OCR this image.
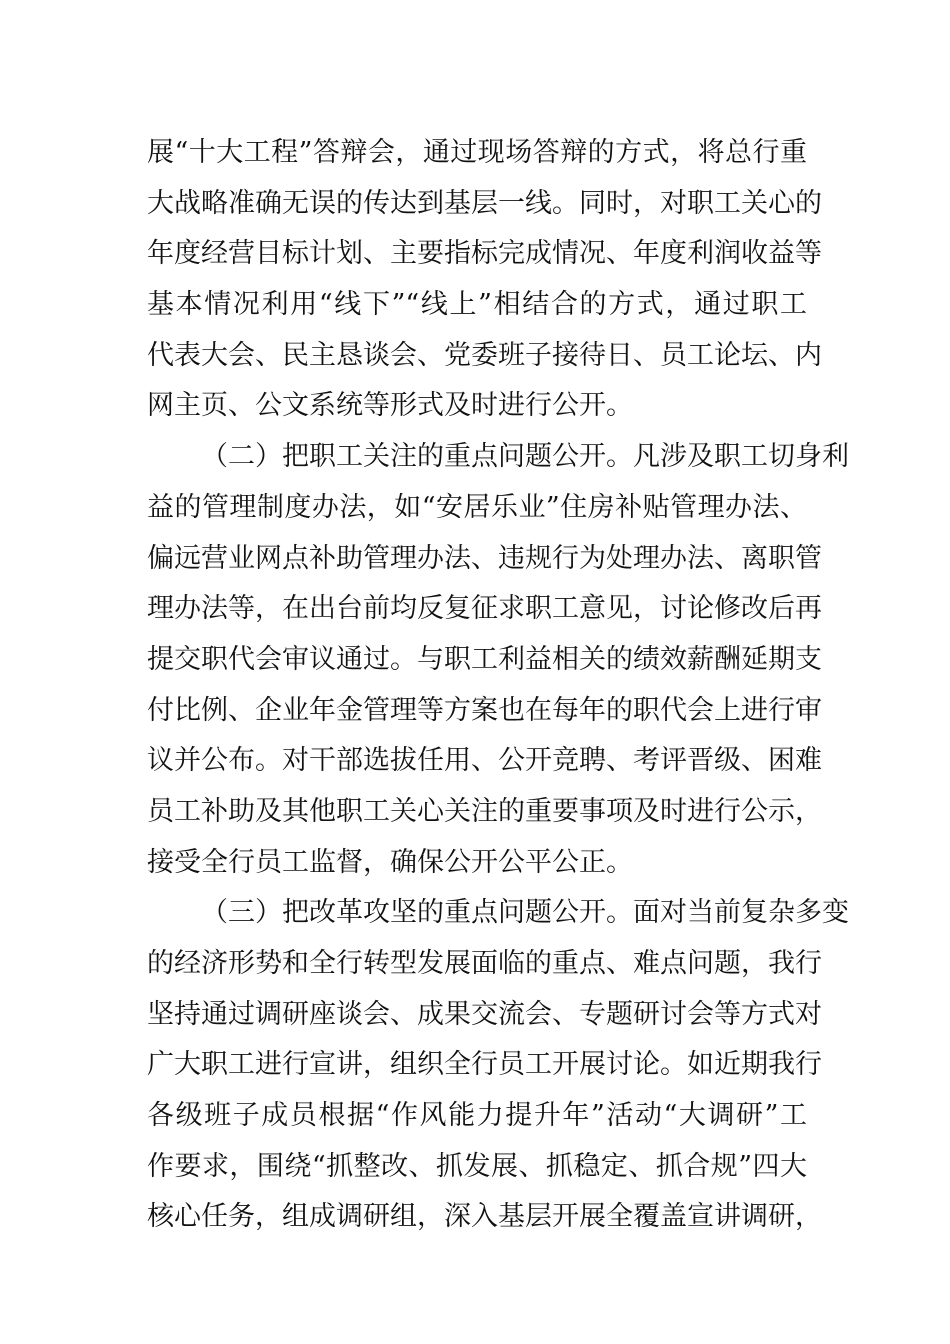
展“十大工程”答辩会，通过现场答辩的方式，将总行重
大战略准确无误的传达到基层一线。同时，对职工关心的
年度经营目标计划、主要指标完成情况、年度利润收益等
基本情况利用“线下”“线上”相结合的方式，通过职工
代表大会、民主恳谈会、党委班子接待日、员工论坛、内
网主页、公文系统等形式及时进行公开。
（二）把职工关注的重点问题公开。凡涉及职工切身利
益的管理制度办法，如“安居乐业”住房补贴管理办法、
偏远营业网点补助管理办法、违规行为处理办法、离职管
理办法等，在出台前均反复征求职工意见，讨论修改后再
提交职代会审议通过。与职工利益相关的绩效薪酬延期支
付比例、企业年金管理等方案也在每年的职代会上进行审
议并公布。对干部选拔任用、公开竞聘、考评晋级、困难
员工补助及其他职工关心关注的重要事项及时进行公示，
接受全行员工监督，确保公开公平公正。
（三）把改革攻坚的重点问题公开。面对当前复杂多变
的经济形势和全行转型发展面临的重点、难点问题，我行
坚持通过调研座谈会、成果交流会、专题研讨会等方式对
广大职工进行宣讲，组织全行员工开展讨论。如近期我行
各级班子成员根据“作风能力提升年”活动“大调研”工
作要求，围绕“抓整改、抓发展、抓稳定、抓合规”四大
核心任务，组成调研组，深入基层开展全覆盖宣讲调研，
